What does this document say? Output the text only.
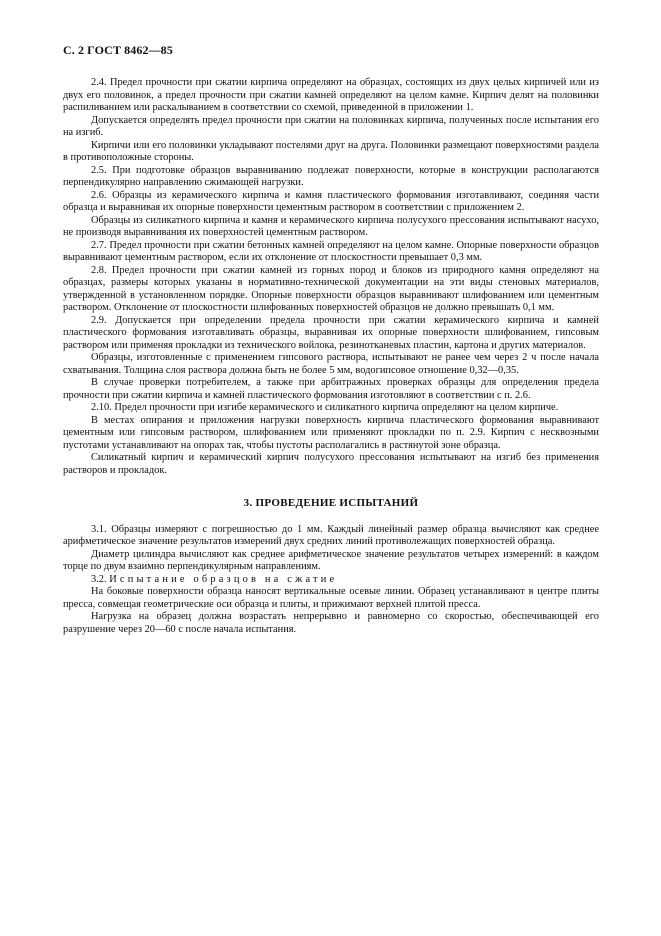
С. 2 ГОСТ 8462—85

2.4. Предел прочности при сжатии кирпича определяют на образцах, состоящих из двух целых кирпичей или из двух его половинок, а предел прочности при сжатии камней определяют на целом камне. Кирпич делят на половинки распиливанием или раскалыванием в соответствии со схемой, приведенной в приложении 1.

Допускается определять предел прочности при сжатии на половинках кирпича, полученных после испытания его на изгиб.

Кирпичи или его половинки укладывают постелями друг на друга. Половинки размещают поверхностями раздела в противоположные стороны.

2.5. При подготовке образцов выравниванию подлежат поверхности, которые в конструкции располагаются перпендикулярно направлению сжимающей нагрузки.

2.6. Образцы из керамического кирпича и камня пластического формования изготавливают, соединяя части образца и выравнивая их опорные поверхности цементным раствором в соответствии с приложением 2.

Образцы из силикатного кирпича и камня и керамического кирпича полусухого прессования испытывают насухо, не производя выравнивания их поверхностей цементным раствором.

2.7. Предел прочности при сжатии бетонных камней определяют на целом камне. Опорные поверхности образцов выравнивают цементным раствором, если их отклонение от плоскостности превышает 0,3 мм.

2.8. Предел прочности при сжатии камней из горных пород и блоков из природного камня определяют на образцах, размеры которых указаны в нормативно-технической документации на эти виды стеновых материалов, утвержденной в установленном порядке. Опорные поверхности образцов выравнивают шлифованием или цементным раствором. Отклонение от плоскостности шлифованных поверхностей образцов не должно превышать 0,1 мм.

2.9. Допускается при определении предела прочности при сжатии керамического кирпича и камней пластического формования изготавливать образцы, выравнивая их опорные поверхности шлифованием, гипсовым раствором или применяя прокладки из технического войлока, резинотканевых пластин, картона и других материалов.

Образцы, изготовленные с применением гипсового раствора, испытывают не ранее чем через 2 ч после начала схватывания. Толщина слоя раствора должна быть не более 5 мм, водогипсовое отношение 0,32—0,35.

В случае проверки потребителем, а также при арбитражных проверках образцы для определения предела прочности при сжатии кирпича и камней пластического формования изготовляют в соответствии с п. 2.6.

2.10. Предел прочности при изгибе керамического и силикатного кирпича определяют на целом кирпиче.

В местах опирания и приложения нагрузки поверхность кирпича пластического формования выравнивают цементным или гипсовым раствором, шлифованием или применяют прокладки по п. 2.9. Кирпич с несквозными пустотами устанавливают на опорах так, чтобы пустоты располагались в растянутой зоне образца.

Силикатный кирпич и керамический кирпич полусухого прессования испытывают на изгиб без применения растворов и прокладок.

3. ПРОВЕДЕНИЕ ИСПЫТАНИЙ

3.1. Образцы измеряют с погрешностью до 1 мм. Каждый линейный размер образца вычисляют как среднее арифметическое значение результатов измерений двух средних линий противолежащих поверхностей образца.

Диаметр цилиндра вычисляют как среднее арифметическое значение результатов четырех измерений: в каждом торце по двум взаимно перпендикулярным направлениям.

3.2. Испытание образцов на сжатие

На боковые поверхности образца наносят вертикальные осевые линии. Образец устанавливают в центре плиты пресса, совмещая геометрические оси образца и плиты, и прижимают верхней плитой пресса.

Нагрузка на образец должна возрастать непрерывно и равномерно со скоростью, обеспечивающей его разрушение через 20—60 с после начала испытания.
